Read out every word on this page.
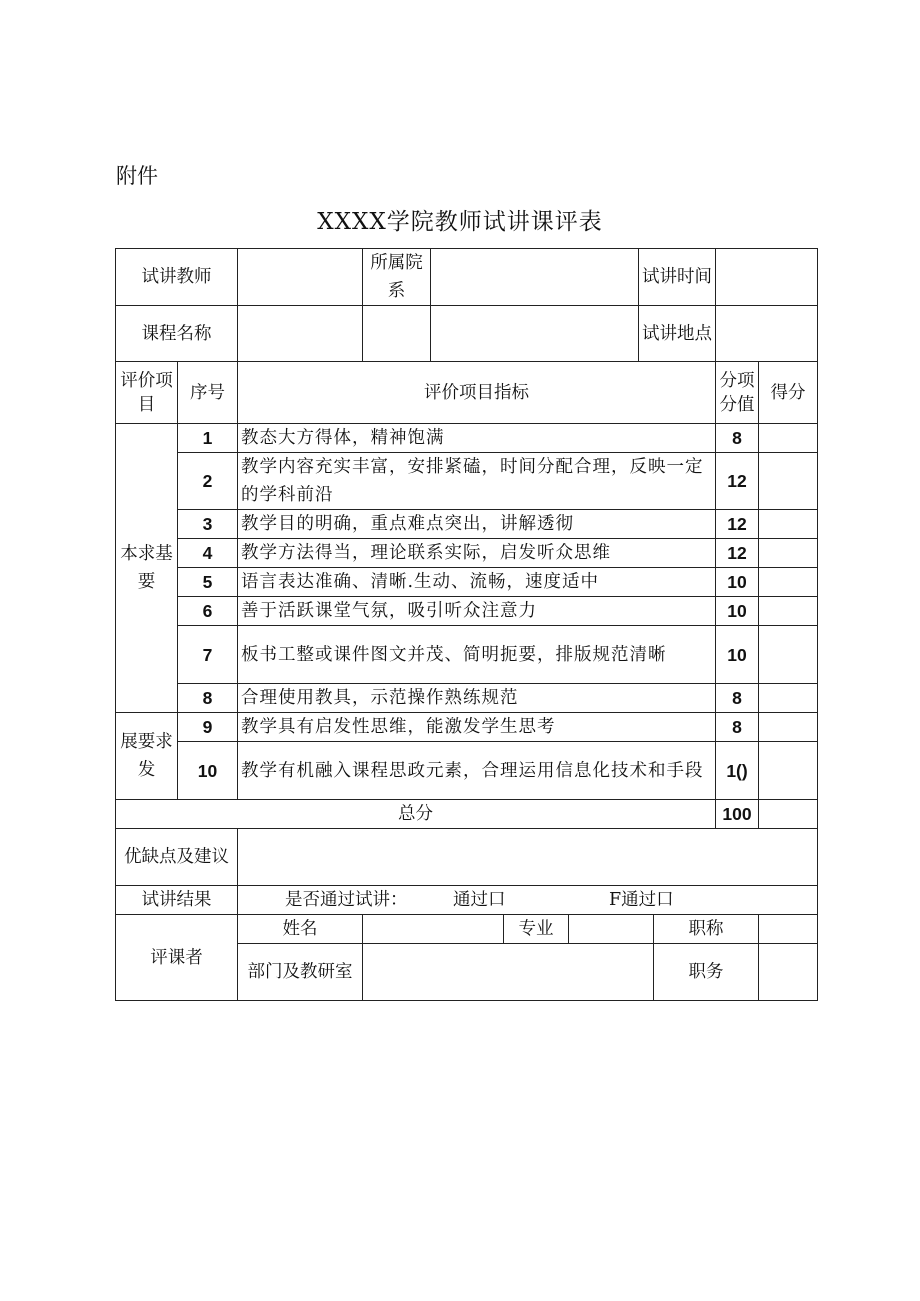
附件
XXXX学院教师试讲课评表
试讲教师			所属院系				试讲时间			
课程名称							试讲地点			
评价项目	序号	评价项目指标							分项分值	得分
本求基要	1	教态大方得体，精神饱满							8	
	2	教学内容充实丰富，安排紧磕，时间分配合理，反映一定的学科前沿							12	
	3	教学目的明确，重点难点突出，讲解透彻							12	
	4	教学方法得当，理论联系实际，启发听众思维							12	
	5	语言表达准确、清晰.生动、流畅，速度适中							10	
	6	善于活跃课堂气氛，吸引听众注意力							10	
	7	板书工整或课件图文并茂、简明扼要，排版规范清晰							10	
	8	合理使用教具，示范操作熟练规范							8	
展要求发	9	教学具有启发性思维，能激发学生思考							8	
	10	教学有机融入课程思政元素，合理运用信息化技术和手段							1()	
总分									100	
优缺点及建议										
试讲结果		是否通过试讲： 通过口 F通过口								
评课者		姓名			专业			职称		
		部门及教研室						职务		
